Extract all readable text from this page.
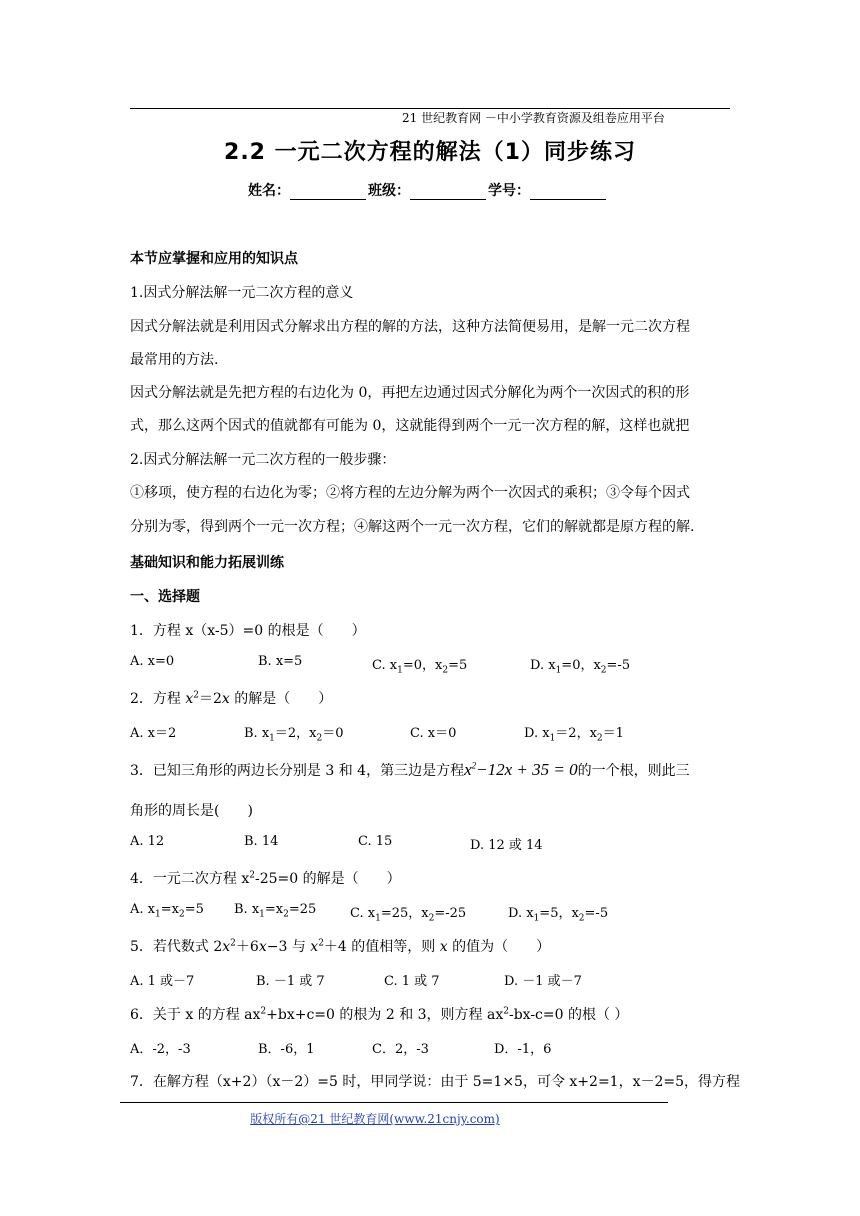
21 世纪教育网 －中小学教育资源及组卷应用平台
2.2 一元二次方程的解法（1）同步练习
姓名：	班级：	学号：
本节应掌握和应用的知识点
1.因式分解法解一元二次方程的意义
因式分解法就是利用因式分解求出方程的解的方法，这种方法简便易用，是解一元二次方程
最常用的方法.
因式分解法就是先把方程的右边化为 0，再把左边通过因式分解化为两个一次因式的积的形
式，那么这两个因式的值就都有可能为 0，这就能得到两个一元一次方程的解，这样也就把
2.因式分解法解一元二次方程的一般步骤：
①移项，使方程的右边化为零；②将方程的左边分解为两个一次因式的乘积；③令每个因式
分别为零，得到两个一元一次方程；④解这两个一元一次方程，它们的解就都是原方程的解.
基础知识和能力拓展训练
一、选择题
1．方程 x（x-5）=0 的根是（　　）
A. x=0	B. x=5	C. $x_1=0$，$x_2=5$	D. $x_1=0$，$x_2=-5$
2．方程 $x^2=2x$ 的解是（　　）
A. x＝2	B. $x_1=2$，$x_2=0$	C. x＝0	D. $x_1=2$，$x_2=1$
3．已知三角形的两边长分别是 3 和 4，第三边是方程$x^2-12x + 35 = 0$的一个根，则此三
角形的周长是(　　)
A. 12	B. 14	C. 15	D. 12 或 14
4．一元二次方程 $x^2-25=0$ 的解是（　　）
A. $x_1=x_2=5$ B. $x_1=x_2=25$	C. $x_1=25$，$x_2=-25$	D. $x_1=5$，$x_2=-5$
5．若代数式 $2x^2+6x-3$ 与 $x^2+4$ 的值相等，则 x 的值为（　　）
A. 1 或－7	B. －1 或 7	C. 1 或 7	D. －1 或－7
6．关于 x 的方程 $ax^2+bx+c=0$ 的根为 2 和 3，则方程 $ax^2-bx-c=0$ 的根（ ）
A．-2，-3	B．-6，1	C．2，-3	D．-1，6
7．在解方程（x+2）（x－2）=5 时，甲同学说：由于 5=1×5，可令 x+2=1，x－2=5，得方程
版权所有@21 世纪教育网(www.21cnjy.com)
